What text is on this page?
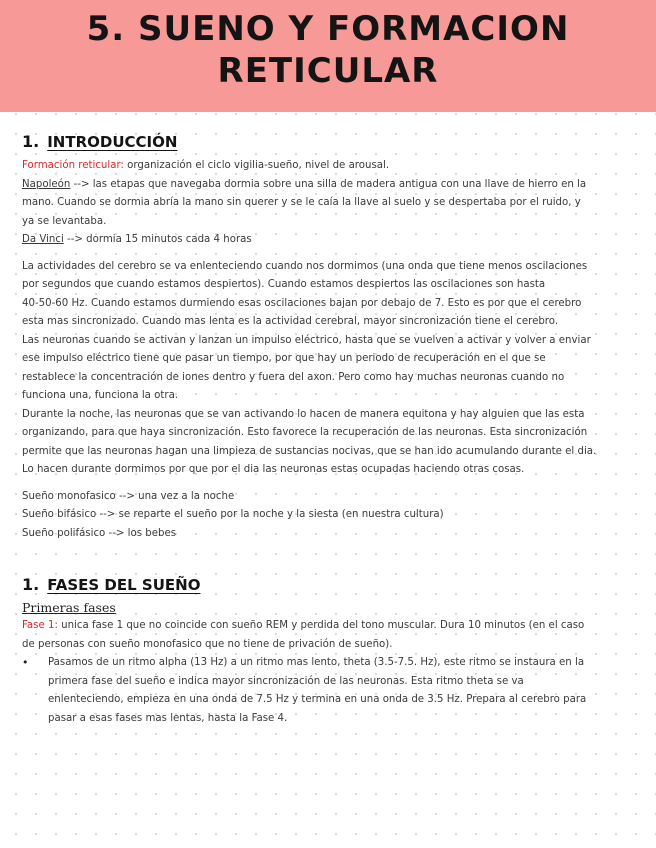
5. SUENO Y FORMACION
RETICULAR
1. INTRODUCCIÓN

Formación reticular: organización el ciclo vigilia-sueño, nivel de arousal.

Napoleón --> las etapas que navegaba dormia sobre una silla de madera antigua con una llave de hierro en la

mano. Cuando se dormia abría la mano sin querer y se le caía la llave al suelo y se despertaba por el ruido, y

ya se levantaba.

Da Vinci --> dormia 15 minutos cada 4 horas

La actividades del cerebro se va enlenteciendo cuando nos dormimos (una onda que tiene menos oscilaciones

por segundos que cuando estamos despiertos). Cuando estamos despiertos las oscilaciones son hasta

40-50-60 Hz. Cuando estamos durmiendo esas oscilaciones bajan por debajo de 7. Esto es por que el cerebro

esta mas sincronizado. Cuando mas lenta es la actividad cerebral, mayor sincronización tiene el cerebro.

Las neuronas cuando se activan y lanzan un impulso eléctrico, hasta que se vuelven a activar y volver a enviar

ese impulso eléctrico tiene que pasar un tiempo, por que hay un periodo de recuperación en el que se

restablece la concentración de iones dentro y fuera del axon. Pero como hay muchas neuronas cuando no

funciona una, funciona la otra.

Durante la noche, las neuronas que se van activando lo hacen de manera equitona y hay alguien que las esta

organizando, para que haya sincronización. Esto favorece la recuperación de las neuronas. Esta sincronización

permite que las neuronas hagan una limpieza de sustancias nocivas, que se han ido acumulando durante el dia.

Lo hacen durante dormimos por que por el dia las neuronas estas ocupadas haciendo otras cosas.

Sueño monofasico --> una vez a la noche

Sueño bifásico --> se reparte el sueño por la noche y la siesta (en nuestra cultura)

Sueño polifásico --> los bebes

1. FASES DEL SUEÑO
Primeras fases

Fase 1: unica fase 1 que no coincide con sueño REM y perdida del tono muscular. Dura 10 minutos (en el caso

de personas con sueño monofasico que no tiene de privación de sueño).

•	Pasamos de un ritmo alpha (13 Hz) a un ritmo mas lento, theta (3.5-7.5. Hz), este ritmo se instaura en la

primera fase del sueño e indica mayor sincronización de las neuronas. Esta ritmo theta se va

enlenteciendo, empieza en una onda de 7.5 Hz y termina en una onda de 3.5 Hz. Prepara al cerebro para

pasar a esas fases mas lentas, hasta la Fase 4.
